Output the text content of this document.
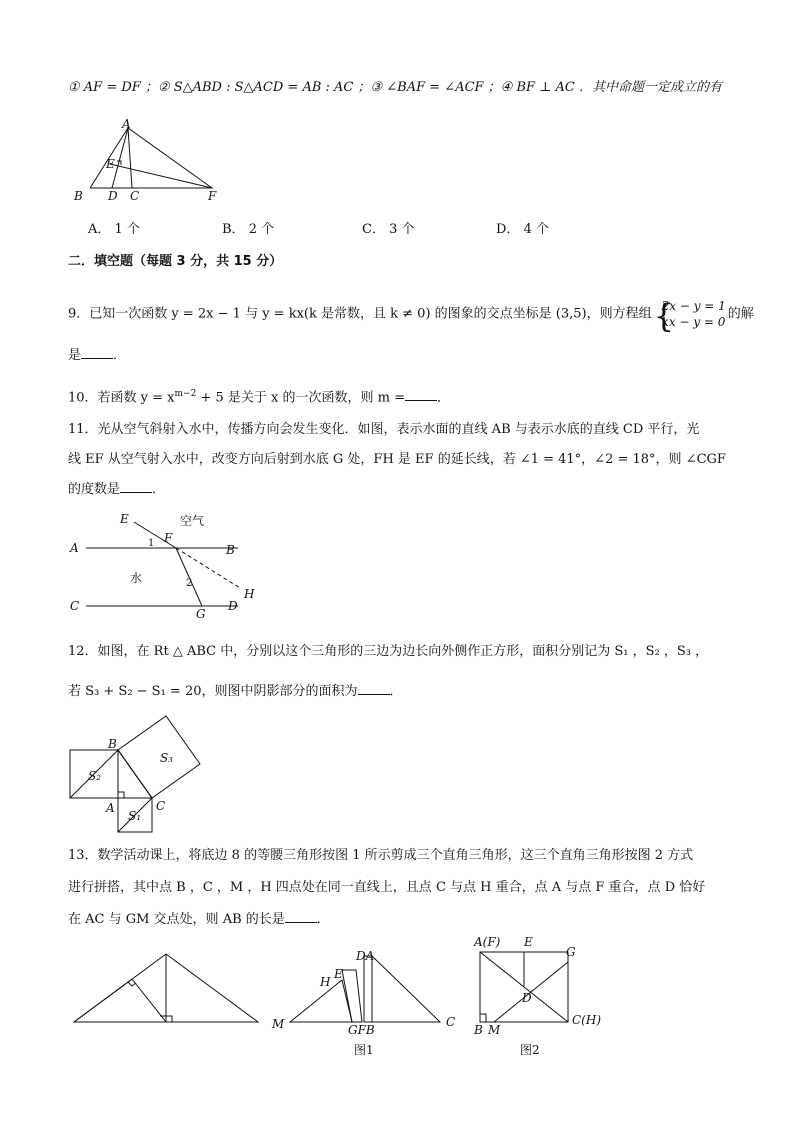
① AF = DF ；② S△ABD : S△ACD = AB : AC ；③ ∠BAF = ∠ACF ；④ BF ⊥ AC ．其中命题一定成立的有
A
E
B D C	F
A． 1 个	B． 2 个	C． 3 个	D． 4 个
二．填空题（每题 3 分，共 15 分）
9．已知一次函数 y = 2x − 1 与 y = kx(k 是常数，且 k ≠ 0) 的图象的交点坐标是 (3,5)，则方程组 {
2x − y = 1
kx − y = 0
的解
是 ．
10．若函数 $y = x^{m-2} + 5$ 是关于 x 的一次函数，则 m = ．
11．光从空气斜射入水中，传播方向会发生变化．如图，表示水面的直线 AB 与表示水底的直线 CD 平行，光
线 EF 从空气射入水中，改变方向后射到水底 G 处，FH 是 EF 的延长线，若 ∠1 = 41°，∠2 = 18°，则 ∠CGF
的度数是 ．
E	空气
1 F
A	B
水	2
H
C
G
D
12．如图，在 Rt △ ABC 中，分别以这个三角形的三边为边长向外侧作正方形，面积分别记为 S₁ ，S₂ ，S₃ ，
若 S₃ + S₂ − S₁ = 20，则图中阴影部分的面积为 ．
B
S₃
S₂
A	C
S₁
13．数学活动课上，将底边 8 的等腰三角形按图 1 所示剪成三个直角三角形，这三个直角三角形按图 2 方式
进行拼搭，其中点 B ，C ，M ，H 四点处在同一直线上，且点 C 与点 H 重合，点 A 与点 F 重合，点 D 恰好
在 AC 与 GM 交点处，则 AB 的长是 ．
DA
H
E
M	GFB
C
图1
A(F) E
G
D
B M
C(H)
图2
